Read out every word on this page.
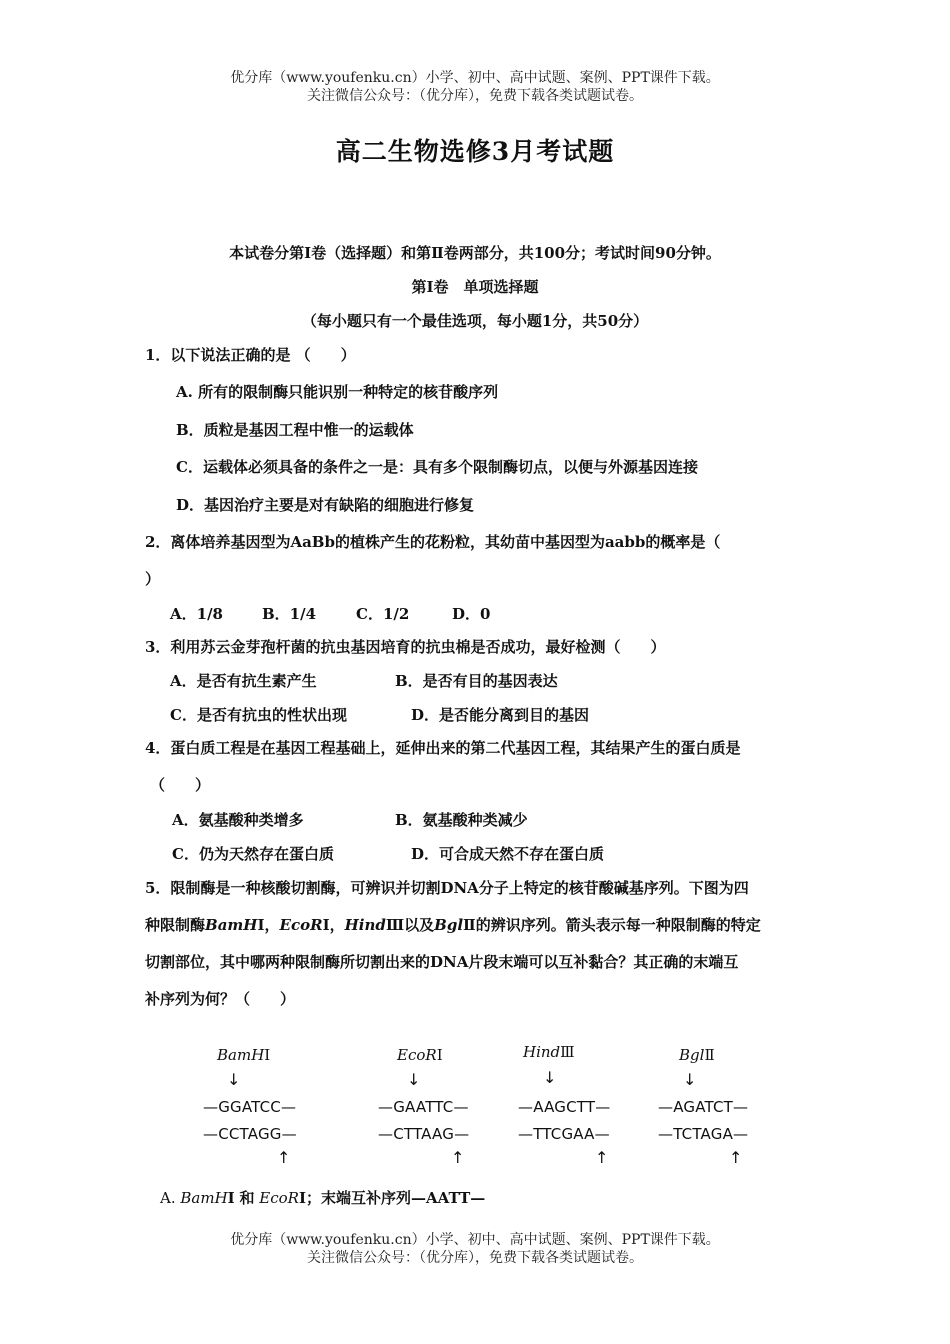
优分库（www.youfenku.cn）小学、初中、高中试题、案例、PPT课件下载。
关注微信公众号：（优分库），免费下载各类试题试卷。
高二生物选修3月考试题
本试卷分第Ⅰ卷（选择题）和第Ⅱ卷两部分，共100分；考试时间90分钟。
第Ⅰ卷　单项选择题
（每小题只有一个最佳选项，每小题1分，共50分）
1．以下说法正确的是 （　　）
A. 所有的限制酶只能识别一种特定的核苷酸序列
B．质粒是基因工程中惟一的运载体
C．运载体必须具备的条件之一是：具有多个限制酶切点，以便与外源基因连接
D．基因治疗主要是对有缺陷的细胞进行修复
2．离体培养基因型为AaBb的植株产生的花粉粒，其幼苗中基因型为aabb的概率是（
）
A．1/8	B．1/4	C．1/2	D．0
3．利用苏云金芽孢杆菌的抗虫基因培育的抗虫棉是否成功，最好检测（　　）
A．是否有抗生素产生	B．是否有目的基因表达
C．是否有抗虫的性状出现	D．是否能分离到目的基因
4．蛋白质工程是在基因工程基础上，延伸出来的第二代基因工程，其结果产生的蛋白质是
（　　）
A．氨基酸种类增多	B．氨基酸种类减少
C．仍为天然存在蛋白质	D．可合成天然不存在蛋白质
5．限制酶是一种核酸切割酶，可辨识并切割DNA分子上特定的核苷酸碱基序列。下图为四
种限制酶BamHⅠ，EcoRⅠ，HindⅢ以及BglⅡ的辨识序列。箭头表示每一种限制酶的特定
切割部位，其中哪两种限制酶所切割出来的DNA片段末端可以互补黏合？其正确的末端互
补序列为何？（　　）
BamHⅠ
↓
—GGATCC—
—CCTAGG—
↑
EcoRⅠ
↓
—GAATTC—
—CTTAAG—
↑
HindⅢ
↓
—AAGCTT—
—TTCGAA—
↑
BglⅡ
↓
—AGATCT—
—TCTAGA—
↑
A. BamHⅠ 和 EcoRⅠ；末端互补序列—AATT—
优分库（www.youfenku.cn）小学、初中、高中试题、案例、PPT课件下载。
关注微信公众号：（优分库），免费下载各类试题试卷。
